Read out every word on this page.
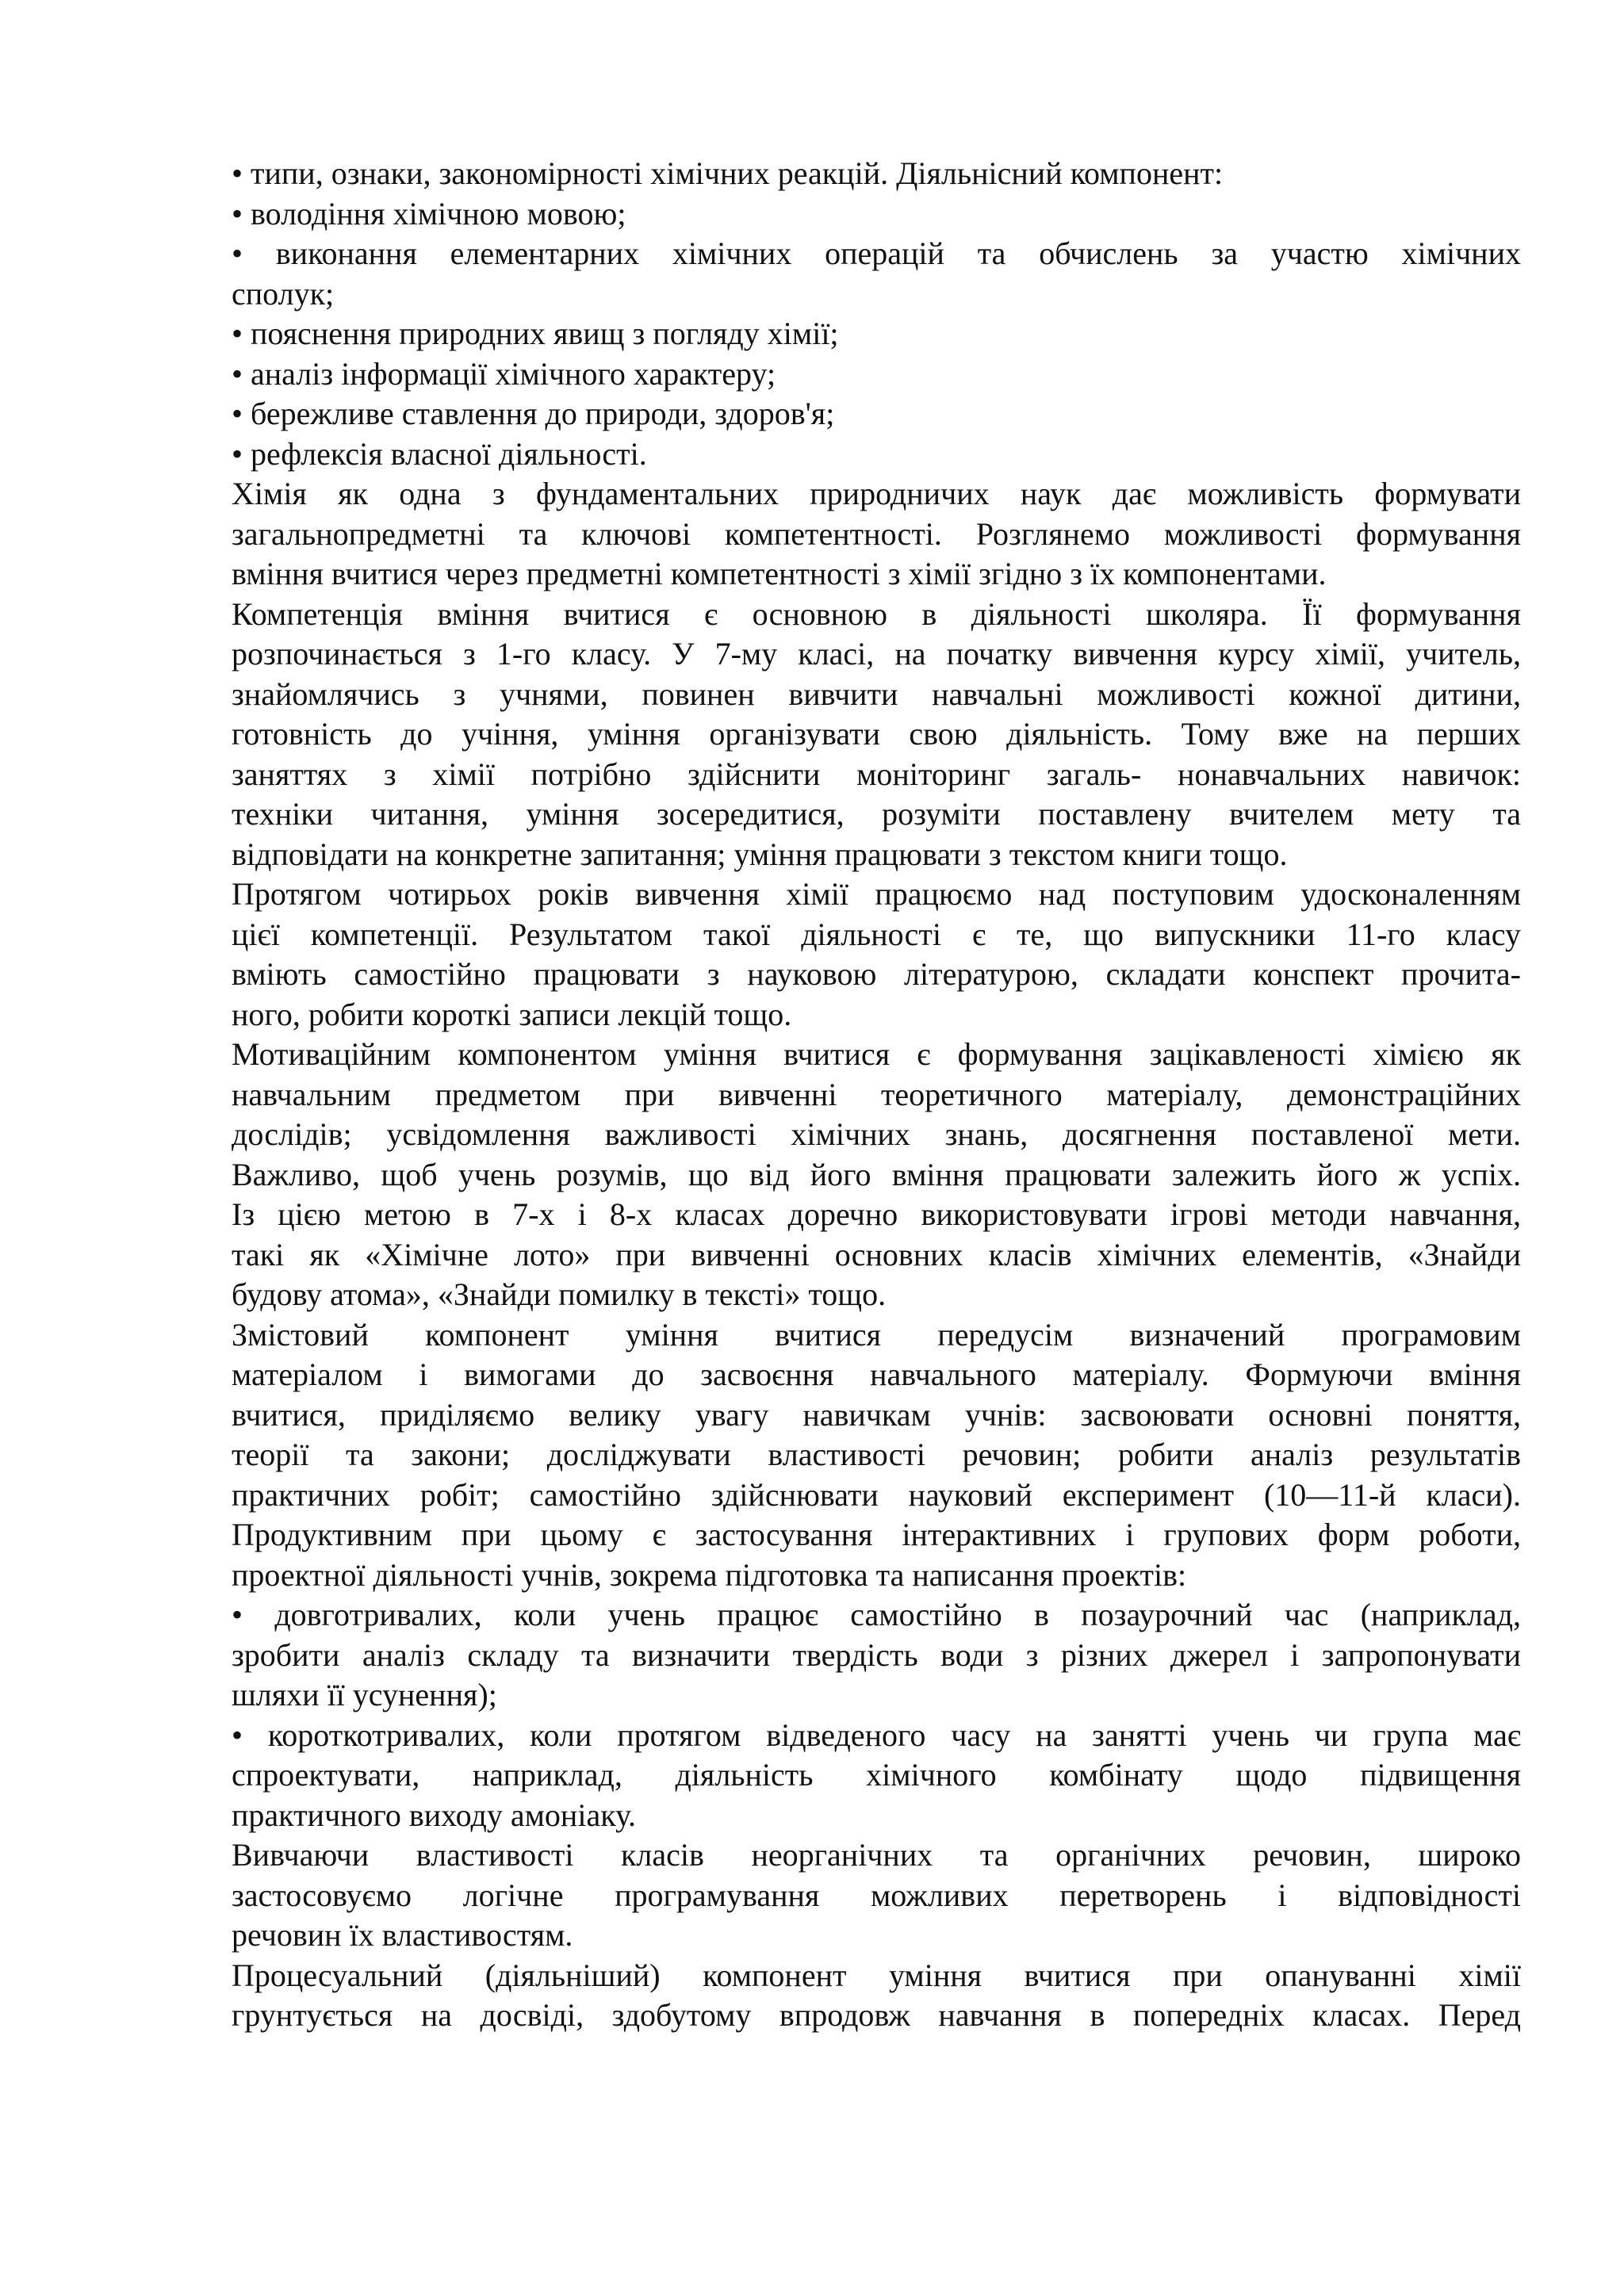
• типи, ознаки, закономірності хімічних реакцій. Діяльнісний компонент:
• володіння хімічною мовою;
• виконання елементарних хімічних операцій та обчислень за участю хімічних
сполук;
• пояснення природних явищ з погляду хімії;
• аналіз інформації хімічного характеру;
• бережливе ставлення до природи, здоров'я;
• рефлексія власної діяльності.
Хімія як одна з фундаментальних природничих наук дає можливість формувати
загальнопредметні та ключові компетентності. Розглянемо можливості формування
вміння вчитися через предметні компетентності з хімії згідно з їх компонентами.
Компетенція вміння вчитися є основною в діяльності школяра. Її формування
розпочинається з 1-го класу. У 7-му класі, на початку вивчення курсу хімії, учитель,
знайомлячись з учнями, повинен вивчити навчальні можливості кожної дитини,
готовність до учіння, уміння організувати свою діяльність. Тому вже на перших
заняттях з хімії потрібно здійснити моніторинг загаль- нонавчальних навичок:
техніки читання, уміння зосередитися, розуміти поставлену вчителем мету та
відповідати на конкретне запитання; уміння працювати з текстом книги тощо.
Протягом чотирьох років вивчення хімії працюємо над поступовим удосконаленням
цієї компетенції. Результатом такої діяльності є те, що випускники 11-го класу
вміють самостійно працювати з науковою літературою, складати конспект прочита-
ного, робити короткі записи лекцій тощо.
Мотиваційним компонентом уміння вчитися є формування зацікавленості хімією як
навчальним предметом при вивченні теоретичного матеріалу, демонстраційних
дослідів; усвідомлення важливості хімічних знань, досягнення поставленої мети.
Важливо, щоб учень розумів, що від його вміння працювати залежить його ж успіх.
Із цією метою в 7-х і 8-х класах доречно використовувати ігрові методи навчання,
такі як «Хімічне лото» при вивченні основних класів хімічних елементів, «Знайди
будову атома», «Знайди помилку в тексті» тощо.
Змістовий компонент уміння вчитися передусім визначений програмовим
матеріалом і вимогами до засвоєння навчального матеріалу. Формуючи вміння
вчитися, приділяємо велику увагу навичкам учнів: засвоювати основні поняття,
теорії та закони; досліджувати властивості речовин; робити аналіз результатів
практичних робіт; самостійно здійснювати науковий експеримент (10—11-й класи).
Продуктивним при цьому є застосування інтерактивних і групових форм роботи,
проектної діяльності учнів, зокрема підготовка та написання проектів:
• довготривалих, коли учень працює самостійно в позаурочний час (наприклад,
зробити аналіз складу та визначити твердість води з різних джерел і запропонувати
шляхи її усунення);
• короткотривалих, коли протягом відведеного часу на занятті учень чи група має
спроектувати, наприклад, діяльність хімічного комбінату щодо підвищення
практичного виходу амоніаку.
Вивчаючи властивості класів неорганічних та органічних речовин, широко
застосовуємо логічне програмування можливих перетворень і відповідності
речовин їх властивостям.
Процесуальний (діяльніший) компонент уміння вчитися при опануванні хімії
грунтується на досвіді, здобутому впродовж навчання в попередніх класах. Перед
